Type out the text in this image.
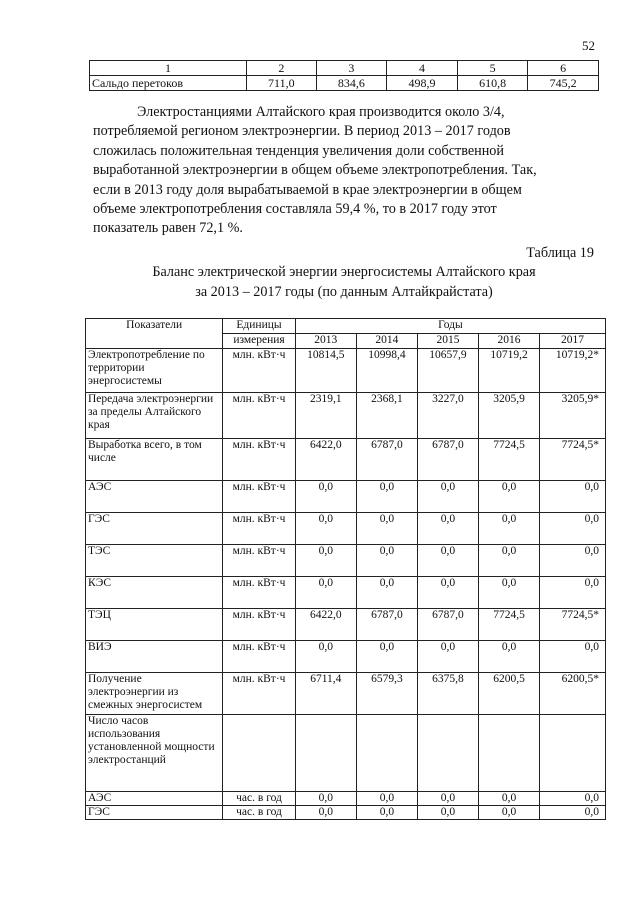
52
1	2	3	4	5	6
Сальдо перетоков	711,0	834,6	498,9	610,8	745,2
Электростанциями Алтайского края производится около 3/4,
потребляемой регионом электроэнергии. В период 2013 – 2017 годов
сложилась положительная тенденция увеличения доли собственной
выработанной электроэнергии в общем объеме электропотребления. Так,
если в 2013 году доля вырабатываемой в крае электроэнергии в общем
объеме электропотребления составляла 59,4 %, то в 2017 году этот
показатель равен 72,1 %.
Таблица 19
Баланс электрической энергии энергосистемы Алтайского края
за 2013 – 2017 годы (по данным Алтайкрайстата)
Показатели	Единицы	Годы				
	измерения	2013	2014	2015	2016	2017
Электропотребление по территории энергосистемы	млн. кВт·ч	10814,5	10998,4	10657,9	10719,2	10719,2*
Передача электроэнергии за пределы Алтайского края	млн. кВт·ч	2319,1	2368,1	3227,0	3205,9	3205,9*
Выработка всего, в том числе	млн. кВт·ч	6422,0	6787,0	6787,0	7724,5	7724,5*
АЭС	млн. кВт·ч	0,0	0,0	0,0	0,0	0,0
ГЭС	млн. кВт·ч	0,0	0,0	0,0	0,0	0,0
ТЭС	млн. кВт·ч	0,0	0,0	0,0	0,0	0,0
КЭС	млн. кВт·ч	0,0	0,0	0,0	0,0	0,0
ТЭЦ	млн. кВт·ч	6422,0	6787,0	6787,0	7724,5	7724,5*
ВИЭ	млн. кВт·ч	0,0	0,0	0,0	0,0	0,0
Получение электроэнергии из смежных энергосистем	млн. кВт·ч	6711,4	6579,3	6375,8	6200,5	6200,5*
Число часов использования установленной мощности электростанций						
АЭС	час. в год	0,0	0,0	0,0	0,0	0,0
ГЭС	час. в год	0,0	0,0	0,0	0,0	0,0
